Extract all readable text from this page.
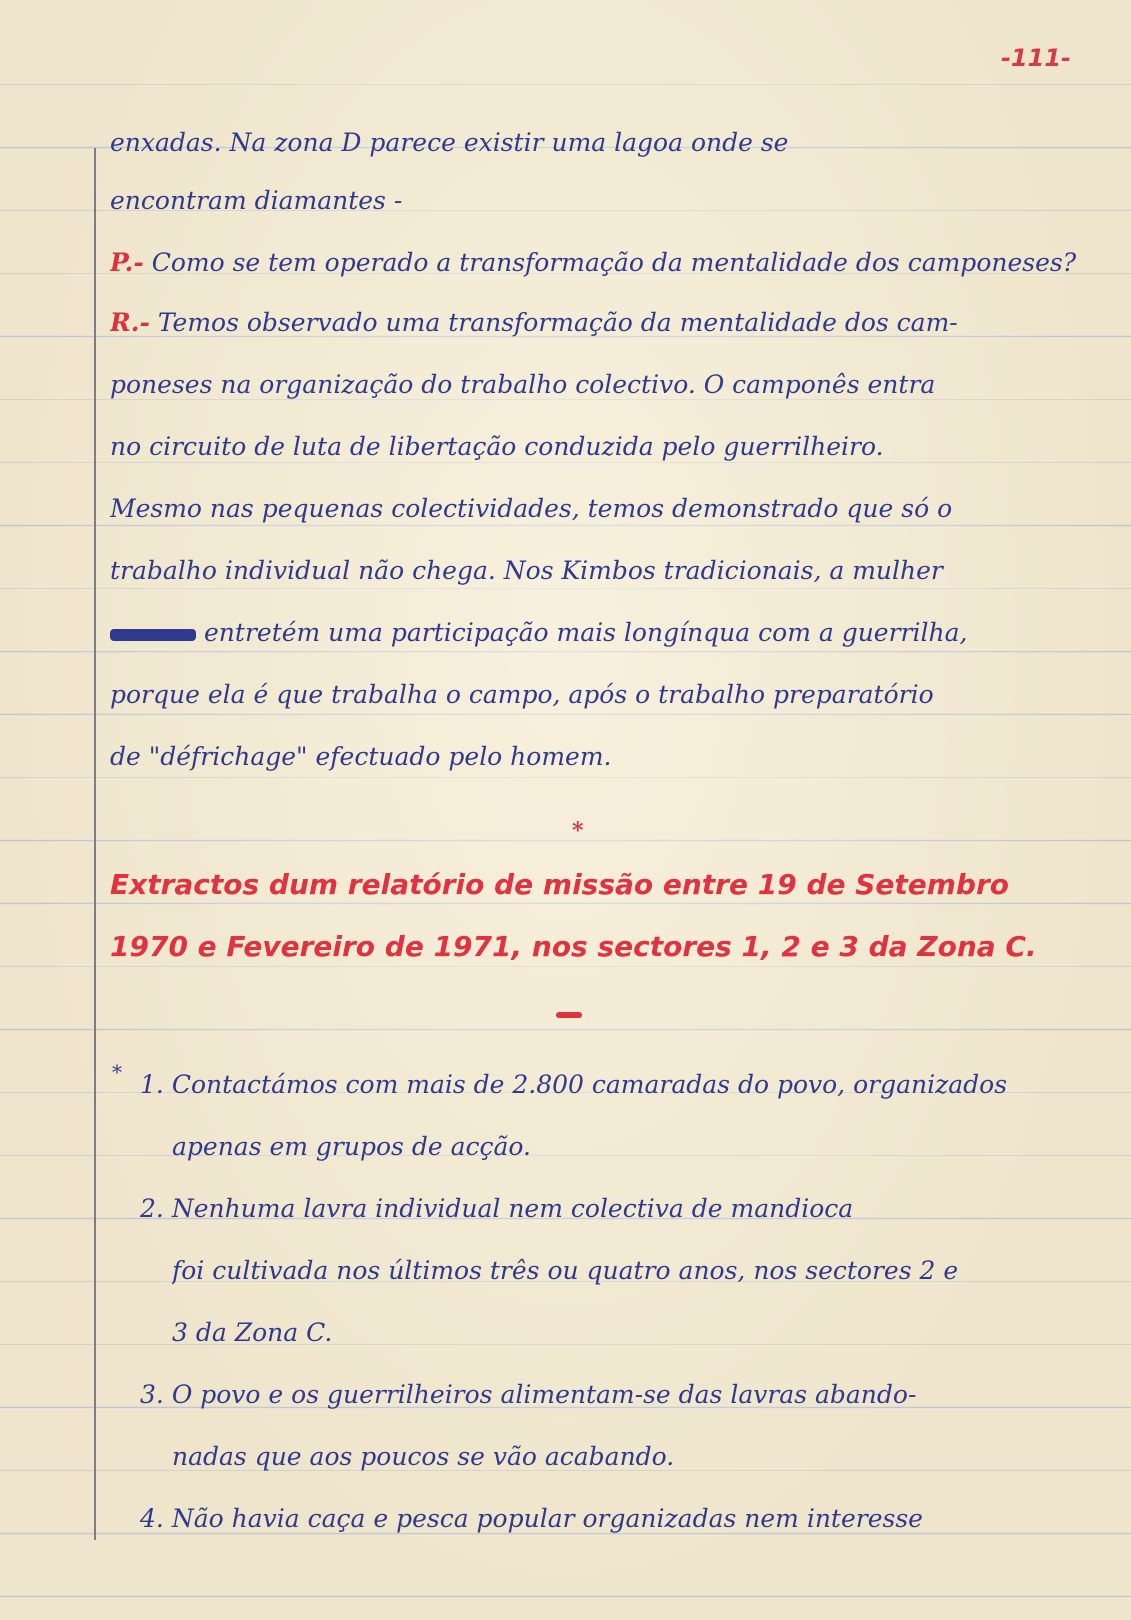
-111-
enxadas. Na zona D parece existir uma lagoa onde se
encontram diamantes -
P.- Como se tem operado a transformação da mentalidade dos camponeses?
R.- Temos observado uma transformação da mentalidade dos cam-
poneses na organização do trabalho colectivo. O camponês entra
no circuito de luta de libertação conduzida pelo guerrilheiro.
Mesmo nas pequenas colectividades, temos demonstrado que só o
trabalho individual não chega. Nos Kimbos tradicionais, a mulher
entretém uma participação mais longínqua com a guerrilha,
porque ela é que trabalha o campo, após o trabalho preparatório
de "défrichage" efectuado pelo homem.
*
Extractos dum relatório de missão entre 19 de Setembro
1970 e Fevereiro de 1971, nos sectores 1, 2 e 3 da Zona C.
* 1. Contactámos com mais de 2.800 camaradas do povo, organizados
apenas em grupos de acção.
2. Nenhuma lavra individual nem colectiva de mandioca
foi cultivada nos últimos três ou quatro anos, nos sectores 2 e
3 da Zona C.
3. O povo e os guerrilheiros alimentam-se das lavras abando-
nadas que aos poucos se vão acabando.
4. Não havia caça e pesca popular organizadas nem interesse
